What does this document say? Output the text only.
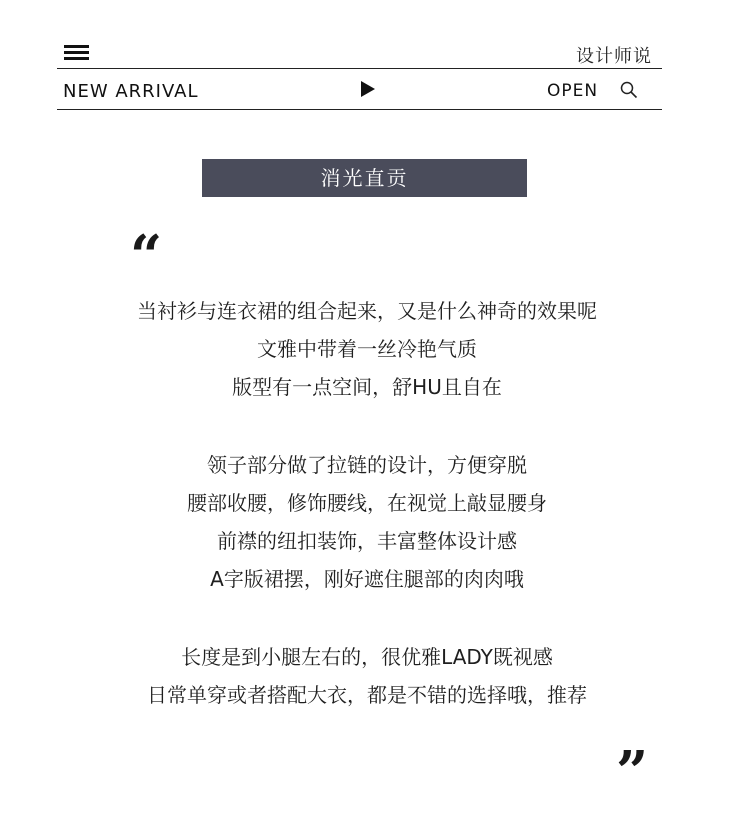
设计师说
NEW ARRIVAL	OPEN
消光直贡
“
当衬衫与连衣裙的组合起来，又是什么神奇的效果呢
文雅中带着一丝冷艳气质
版型有一点空间，舒HU且自在
领子部分做了拉链的设计，方便穿脱
腰部收腰，修饰腰线，在视觉上敲显腰身
前襟的纽扣装饰，丰富整体设计感
A字版裙摆，刚好遮住腿部的肉肉哦
长度是到小腿左右的，很优雅LADY既视感
日常单穿或者搭配大衣，都是不错的选择哦，推荐
”
